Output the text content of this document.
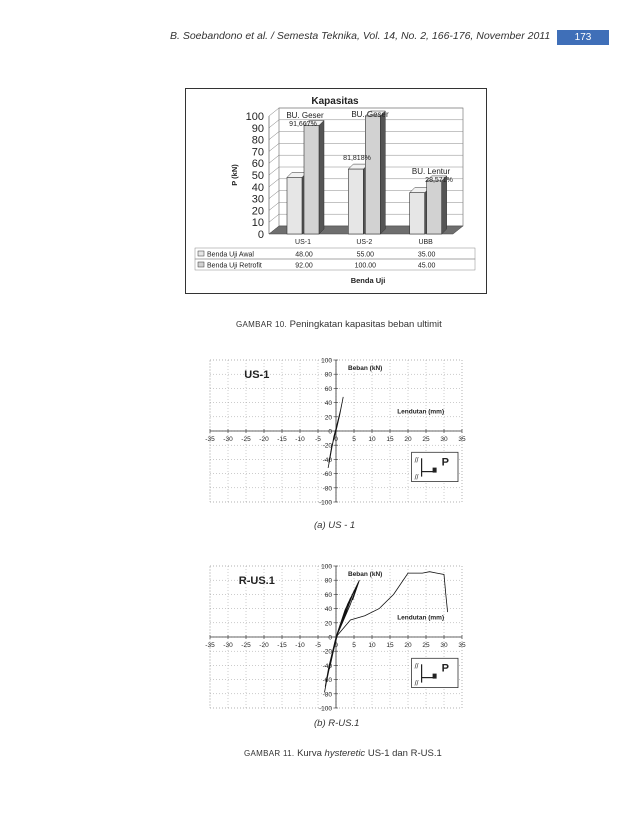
B. Soebandono et al. / Semesta Teknika, Vol. 14, No. 2, 166-176, November 2011	173
Kapasitas
0
10
20
30
40
50
60
70
80
90
100
P (kN)
US-1	US-2	UBB
BU. Geser
91,667%
BU. Geser
81,818%
BU. Lentur
28,571%
Benda Uji Awal	48.00	55.00	35.00
Benda Uji Retrofit	92.00	100.00	45.00
Benda Uji
GAMBAR 10. Peningkatan kapasitas beban ultimit
-35 -30 -25 -20 -15 -10 -5 0 5 10 15 20 25 30 35
100
80
60
40
20
0
-20
-40
-60
-80
-100
Beban (kN)
Lendutan (mm)
US-1
P
//
//
(a) US - 1
-35 -30 -25 -20 -15 -10 -5 0 5 10 15 20 25 30 35
100
80
60
40
20
0
-20
-40
-60
-80
-100
Beban (kN)
Lendutan (mm)
R-US.1
P
//
//
(b) R-US.1
GAMBAR 11. Kurva hysteretic US-1 dan R-US.1
